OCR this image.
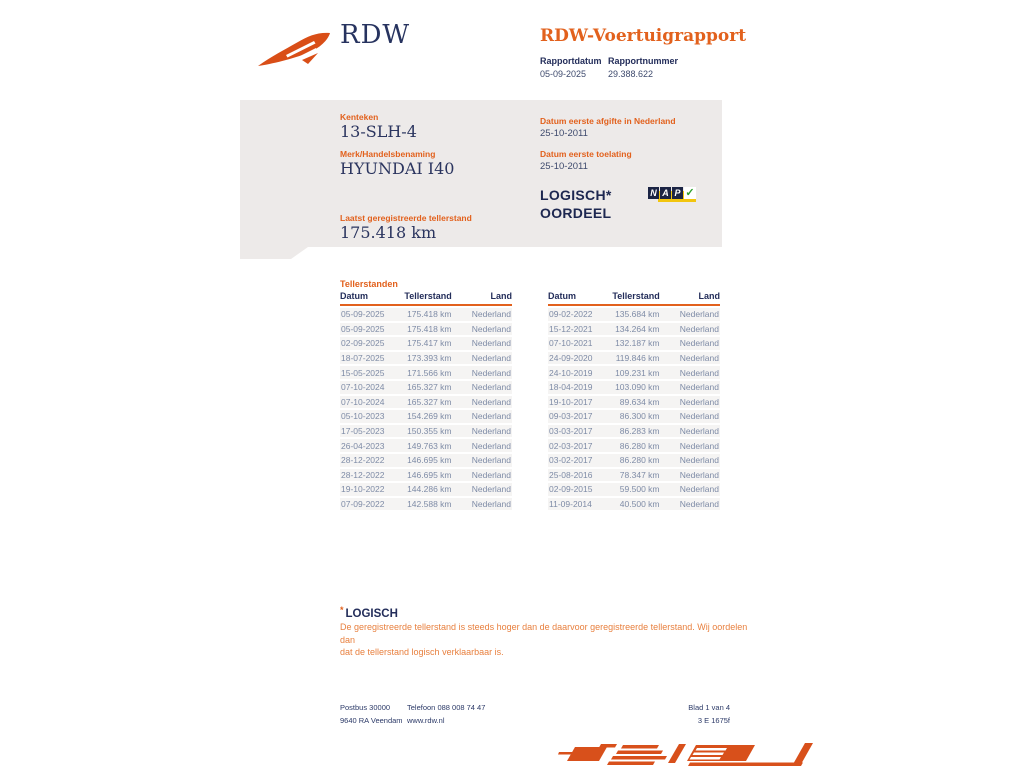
RDW	RDW-Voertuigrapport
Rapportdatum
05-09-2025
Rapportnummer
29.388.622
Kenteken
13-SLH-4
Merk/Handelsbenaming
HYUNDAI I40
Laatst geregistreerde tellerstand
175.418 km
Datum eerste afgifte in Nederland
25-10-2011
Datum eerste toelating
25-10-2011
LOGISCH*
OORDEEL
N A P ✓
Tellerstanden
Datum	Tellerstand	Land
05-09-2025	175.418 km	Nederland
05-09-2025	175.418 km	Nederland
02-09-2025	175.417 km	Nederland
18-07-2025	173.393 km	Nederland
15-05-2025	171.566 km	Nederland
07-10-2024	165.327 km	Nederland
07-10-2024	165.327 km	Nederland
05-10-2023	154.269 km	Nederland
17-05-2023	150.355 km	Nederland
26-04-2023	149.763 km	Nederland
28-12-2022	146.695 km	Nederland
28-12-2022	146.695 km	Nederland
19-10-2022	144.286 km	Nederland
07-09-2022	142.588 km	Nederland
Datum	Tellerstand	Land
09-02-2022	135.684 km	Nederland
15-12-2021	134.264 km	Nederland
07-10-2021	132.187 km	Nederland
24-09-2020	119.846 km	Nederland
24-10-2019	109.231 km	Nederland
18-04-2019	103.090 km	Nederland
19-10-2017	89.634 km	Nederland
09-03-2017	86.300 km	Nederland
03-03-2017	86.283 km	Nederland
02-03-2017	86.280 km	Nederland
03-02-2017	86.280 km	Nederland
25-08-2016	78.347 km	Nederland
02-09-2015	59.500 km	Nederland
11-09-2014	40.500 km	Nederland
* LOGISCH
De geregistreerde tellerstand is steeds hoger dan de daarvoor geregistreerde tellerstand. Wij oordelen dan
dat de tellerstand logisch verklaarbaar is.
Postbus 30000
9640 RA Veendam
Telefoon 088 008 74 47
www.rdw.nl
Blad 1 van 4
3 E 1675f
